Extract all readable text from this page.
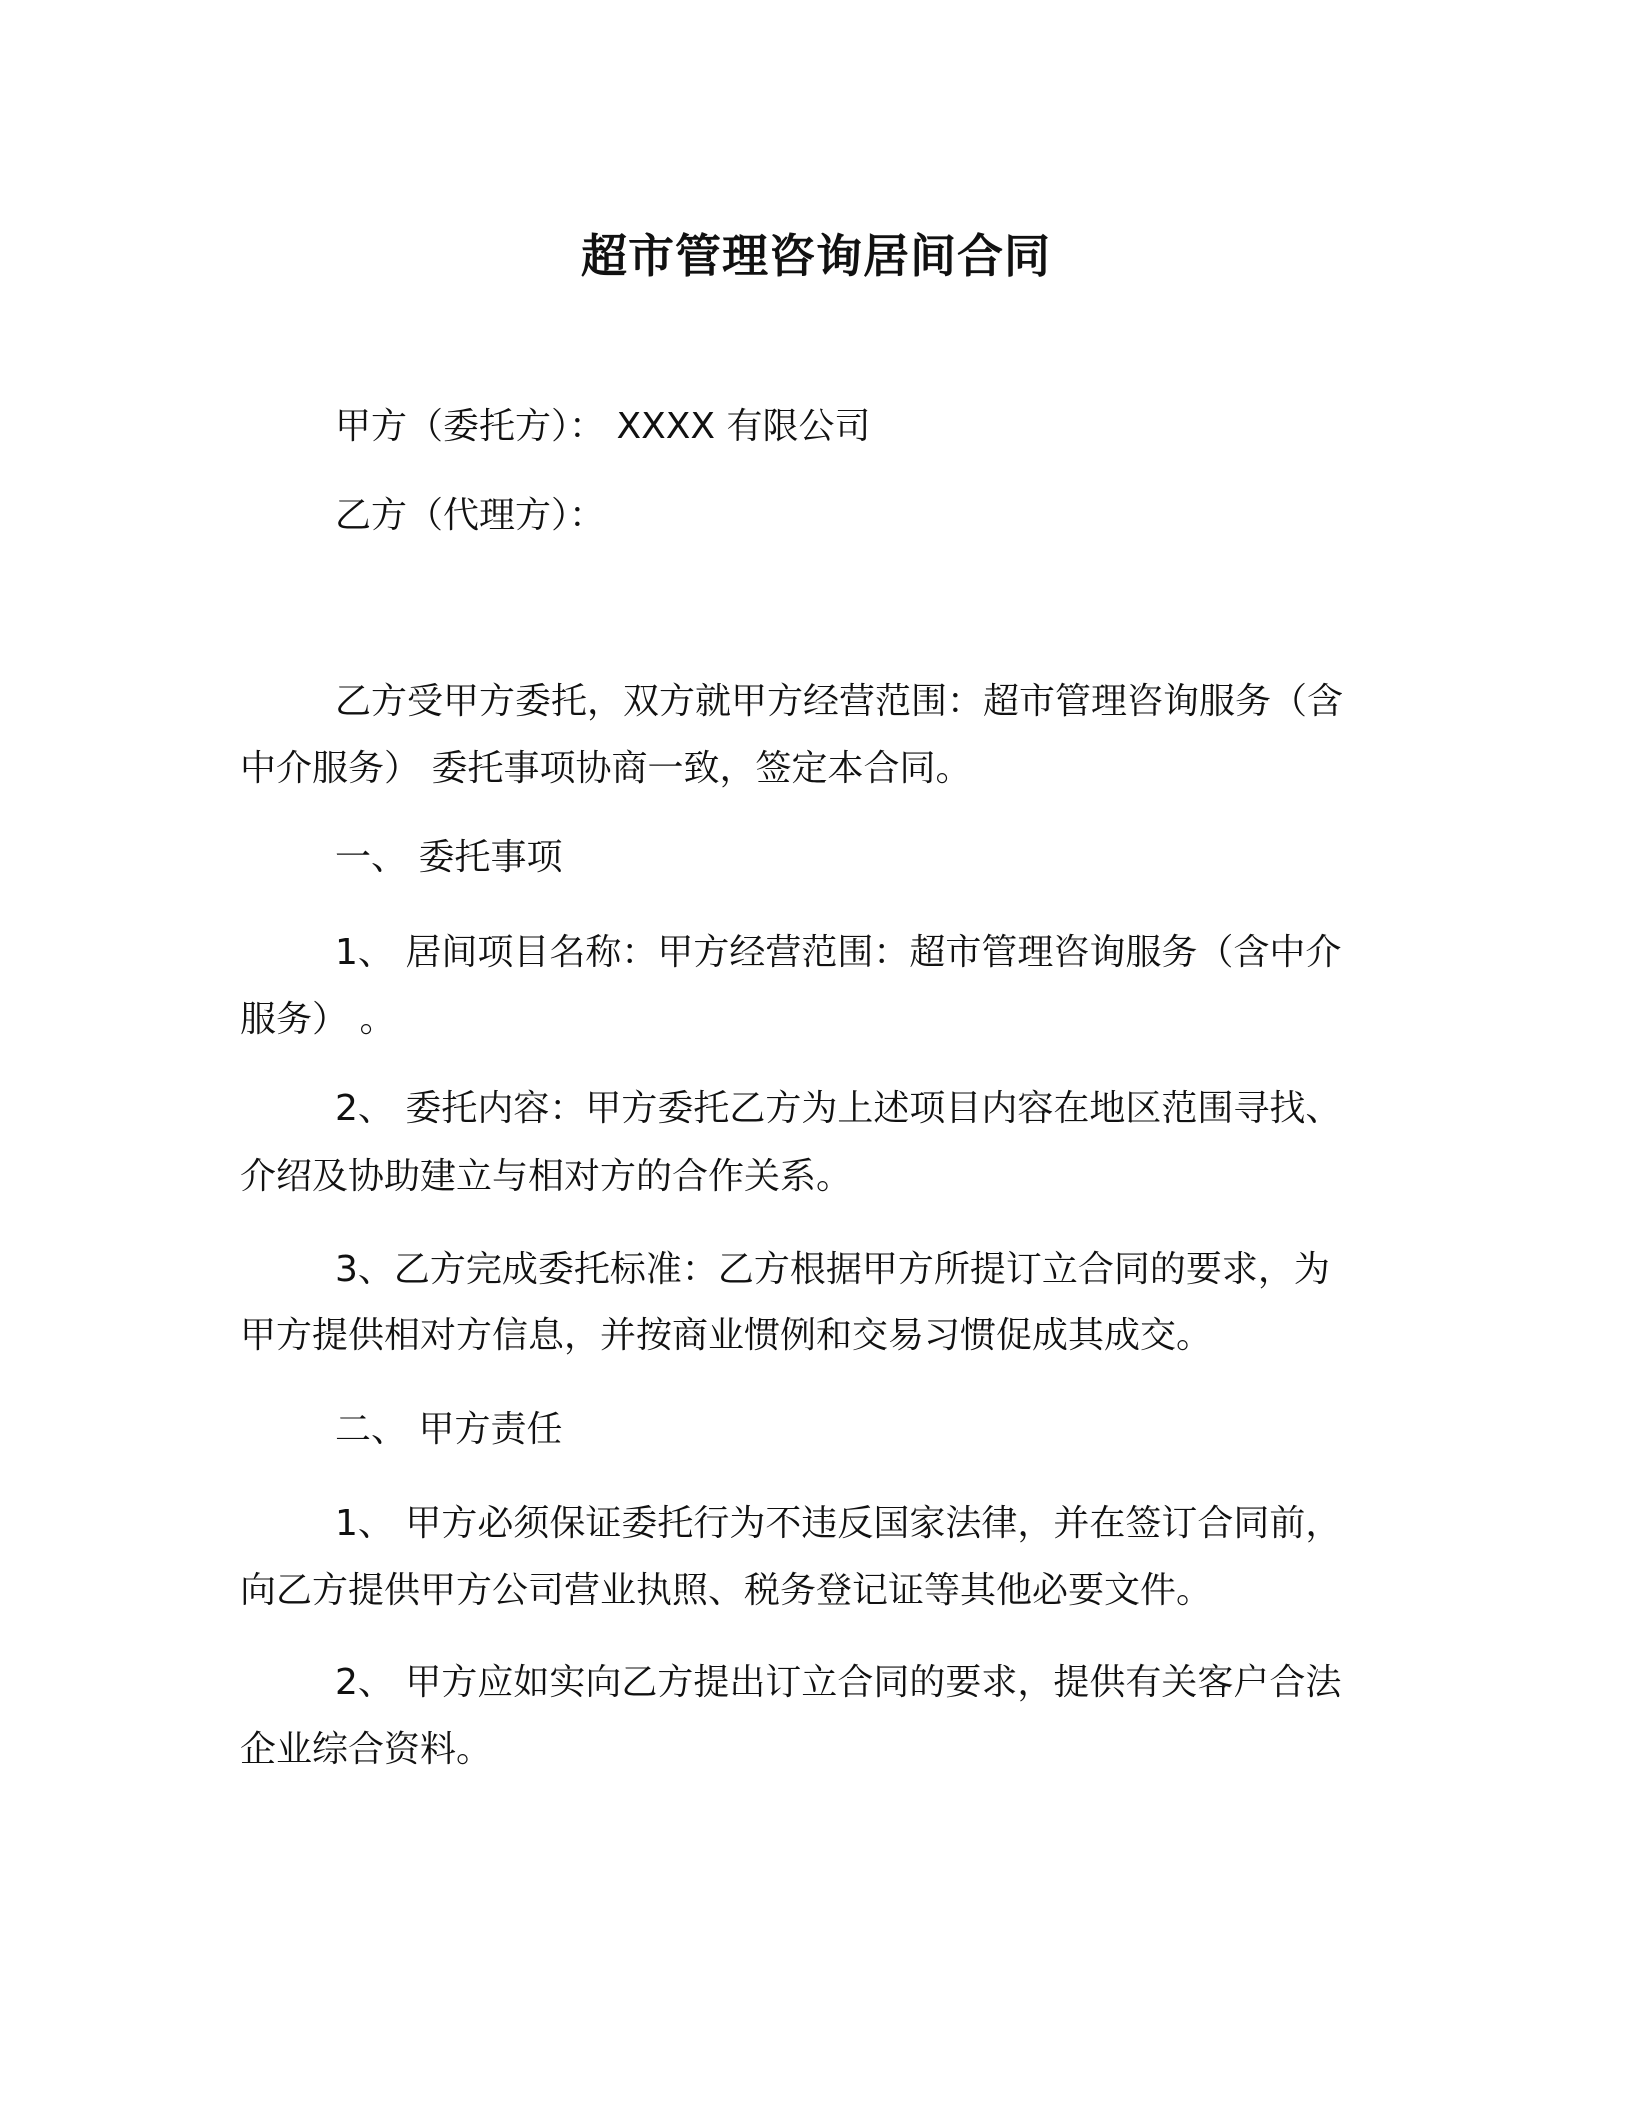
超市管理咨询居间合同
甲方（委托方）： XXXX 有限公司
乙方（代理方）：
乙方受甲方委托，双方就甲方经营范围：超市管理咨询服务（含
中介服务） 委托事项协商一致，签定本合同。
一、 委托事项
1、 居间项目名称：甲方经营范围：超市管理咨询服务（含中介
服务） 。
2、 委托内容：甲方委托乙方为上述项目内容在地区范围寻找、
介绍及协助建立与相对方的合作关系。
3、乙方完成委托标准：乙方根据甲方所提订立合同的要求，为
甲方提供相对方信息，并按商业惯例和交易习惯促成其成交。
二、 甲方责任
1、 甲方必须保证委托行为不违反国家法律，并在签订合同前，
向乙方提供甲方公司营业执照、税务登记证等其他必要文件。
2、 甲方应如实向乙方提出订立合同的要求，提供有关客户合法
企业综合资料。
